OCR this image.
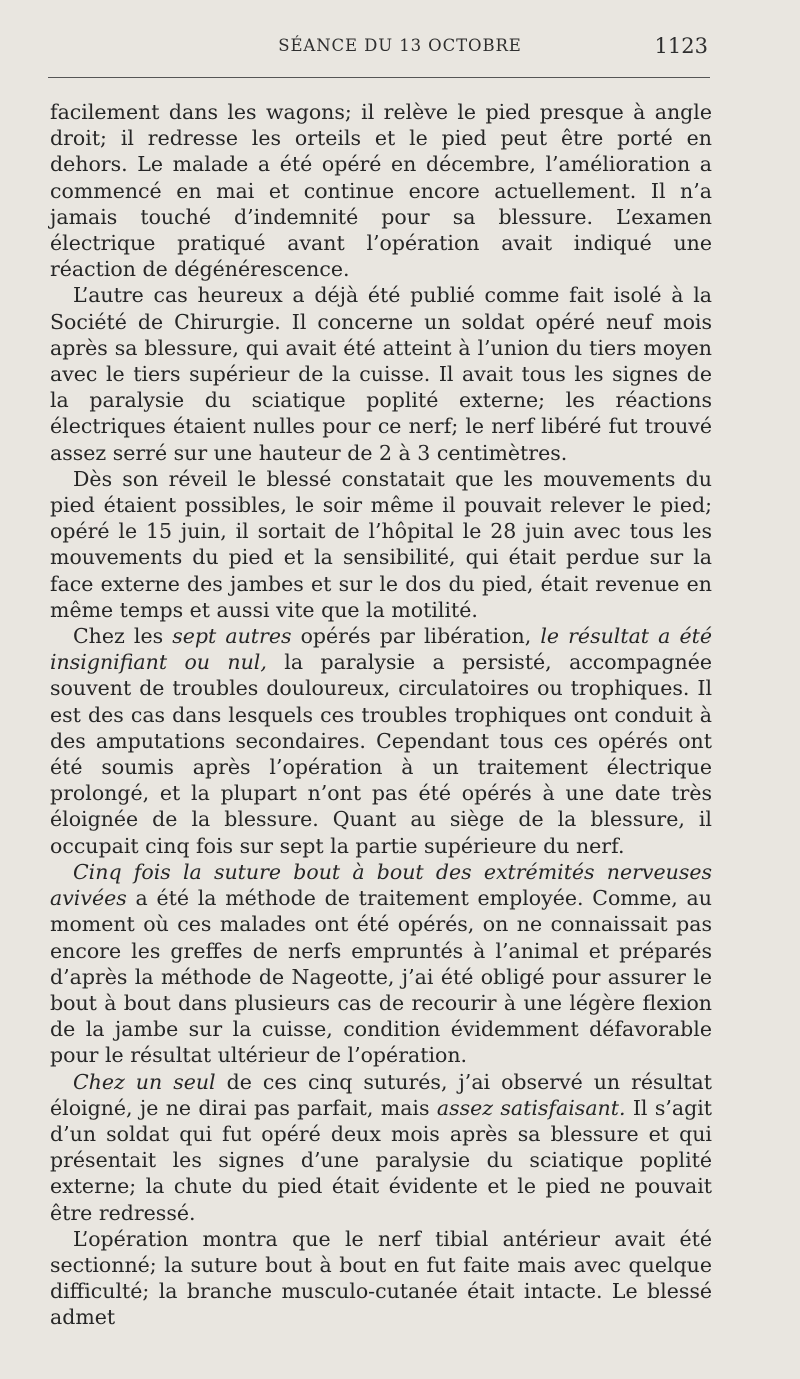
SÉANCE DU 13 OCTOBRE	1123

facilement dans les wagons; il relève le pied presque à angle droit; il redresse les orteils et le pied peut être porté en dehors. Le malade a été opéré en décembre, l’amélioration a commencé en mai et continue encore actuellement. Il n’a jamais touché d’indemnité pour sa blessure. L’examen électrique pratiqué avant l’opération avait indiqué une réaction de dégénérescence.

L’autre cas heureux a déjà été publié comme fait isolé à la Société de Chirurgie. Il concerne un soldat opéré neuf mois après sa blessure, qui avait été atteint à l’union du tiers moyen avec le tiers supérieur de la cuisse. Il avait tous les signes de la paralysie du sciatique poplité externe; les réactions électriques étaient nulles pour ce nerf; le nerf libéré fut trouvé assez serré sur une hauteur de 2 à 3 centimètres.

Dès son réveil le blessé constatait que les mouvements du pied étaient possibles, le soir même il pouvait relever le pied; opéré le 15 juin, il sortait de l’hôpital le 28 juin avec tous les mouvements du pied et la sensibilité, qui était perdue sur la face externe des jambes et sur le dos du pied, était revenue en même temps et aussi vite que la motilité.

Chez les sept autres opérés par libération, le résultat a été insignifiant ou nul, la paralysie a persisté, accompagnée souvent de troubles douloureux, circulatoires ou trophiques. Il est des cas dans lesquels ces troubles trophiques ont conduit à des amputations secondaires. Cependant tous ces opérés ont été soumis après l’opération à un traitement électrique prolongé, et la plupart n’ont pas été opérés à une date très éloignée de la blessure. Quant au siège de la blessure, il occupait cinq fois sur sept la partie supérieure du nerf.

Cinq fois la suture bout à bout des extrémités nerveuses avivées a été la méthode de traitement employée. Comme, au moment où ces malades ont été opérés, on ne connaissait pas encore les greffes de nerfs empruntés à l’animal et préparés d’après la méthode de Nageotte, j’ai été obligé pour assurer le bout à bout dans plusieurs cas de recourir à une légère flexion de la jambe sur la cuisse, condition évidemment défavorable pour le résultat ultérieur de l’opération.

Chez un seul de ces cinq suturés, j’ai observé un résultat éloigné, je ne dirai pas parfait, mais assez satisfaisant. Il s’agit d’un soldat qui fut opéré deux mois après sa blessure et qui présentait les signes d’une paralysie du sciatique poplité externe; la chute du pied était évidente et le pied ne pouvait être redressé.

L’opération montra que le nerf tibial antérieur avait été sectionné; la suture bout à bout en fut faite mais avec quelque difficulté; la branche musculo-cutanée était intacte. Le blessé admet
